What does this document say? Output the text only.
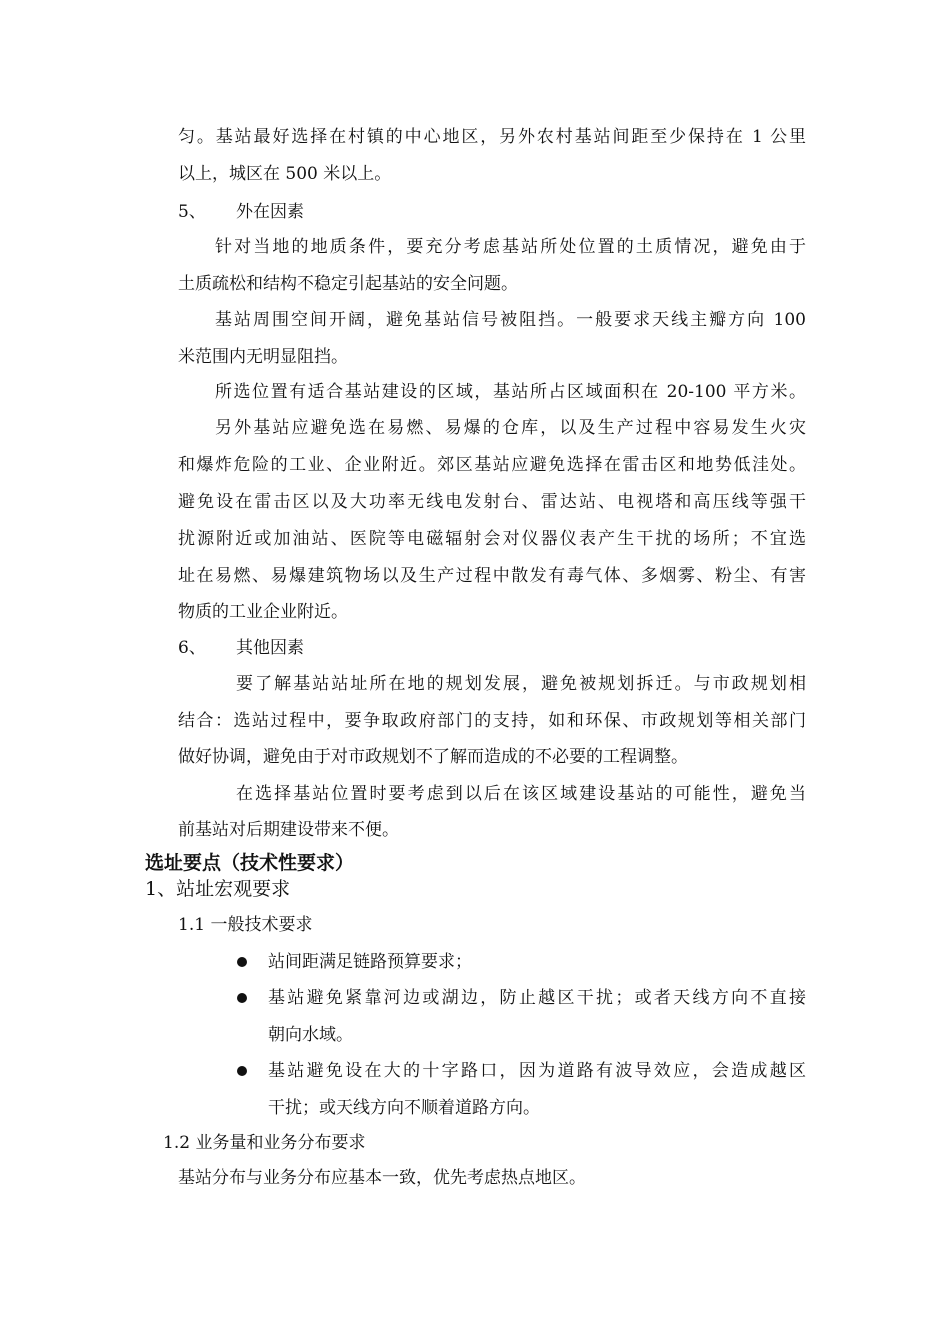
匀。基站最好选择在村镇的中心地区，另外农村基站间距至少保持在 1 公里
以上，城区在 500 米以上。
5、 外在因素
针对当地的地质条件，要充分考虑基站所处位置的土质情况，避免由于
土质疏松和结构不稳定引起基站的安全问题。
基站周围空间开阔，避免基站信号被阻挡。一般要求天线主瓣方向 100
米范围内无明显阻挡。
所选位置有适合基站建设的区域，基站所占区域面积在 20-100 平方米。
另外基站应避免选在易燃、易爆的仓库，以及生产过程中容易发生火灾
和爆炸危险的工业、企业附近。郊区基站应避免选择在雷击区和地势低洼处。
避免设在雷击区以及大功率无线电发射台、雷达站、电视塔和高压线等强干
扰源附近或加油站、医院等电磁辐射会对仪器仪表产生干扰的场所；不宜选
址在易燃、易爆建筑物场以及生产过程中散发有毒气体、多烟雾、粉尘、有害
物质的工业企业附近。
6、 其他因素
要了解基站站址所在地的规划发展，避免被规划拆迁。与市政规划相
结合：选站过程中，要争取政府部门的支持，如和环保、市政规划等相关部门
做好协调，避免由于对市政规划不了解而造成的不必要的工程调整。
在选择基站位置时要考虑到以后在该区域建设基站的可能性，避免当
前基站对后期建设带来不便。
选址要点（技术性要求）
1、站址宏观要求
1.1 一般技术要求
站间距满足链路预算要求；
基站避免紧靠河边或湖边，防止越区干扰；或者天线方向不直接
朝向水域。
基站避免设在大的十字路口，因为道路有波导效应，会造成越区
干扰；或天线方向不顺着道路方向。
1.2 业务量和业务分布要求
基站分布与业务分布应基本一致，优先考虑热点地区。
